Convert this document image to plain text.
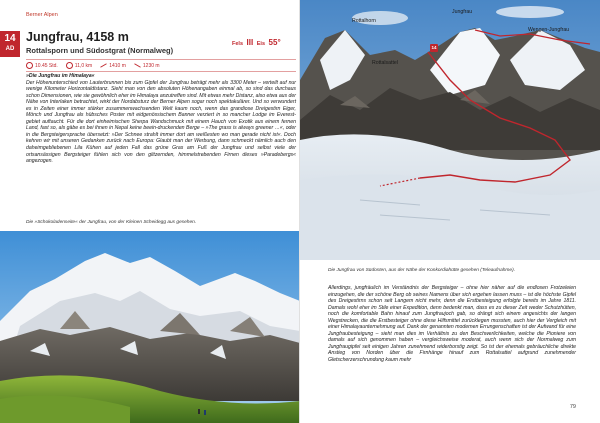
Berner Alpen
14
AD
Jungfrau, 4158 m
Rottalsporn und Südostgrat (Normalweg)
Fels III Eis 55°
10.45 Std.	11,0 km	1410 m	1230 m
»Die Jungfrau im Himalaya«
Der Höhenunterschied von Lauterbrunnen bis zum Gipfel der Jungfrau beträgt mehr als 3300 Meter – verteilt auf nur wenige Kilometer Horizontaldistanz. Sieht man von den absoluten Höhenangaben einmal ab, so sind das durchaus schon Dimensionen, wie sie gewöhnlich eher im Himalaya anzutreffen sind. Mit etwas mehr Distanz, also etwa aus der Nähe von Interlaken betrachtet, wirkt der Nordabsturz der Berner Alpen sogar noch spektakulärer. Und so verwundert es in Zeiten einer immer stärker zusammenwachsenden Welt kaum noch, wenn das grandiose Dreigestirn Eiger, Mönch und Jungfrau als hübsches Poster mit eidgenössischem Banner verziert in so mancher Lodge im Everest-gebiet auftaucht. Für die dort einheimischen Sherpa Wandschmuck mit einem Hauch von Exotik aus einem fernen Land, fast so, als gäbe es bei ihnen in Nepal keine beein-druckenden Berge – »The grass is always greener …«, oder in die Bergsteigersprache übersetzt: »Der Schnee strahlt immer dort am weißesten wo man gerade nicht ist«. Doch kehren wir mit unseren Gedanken zurück nach Europa: Glaubt man der Werbung, dann schmeckt nämlich auch den daheimgebliebenen Lila Kühen auf jeden Fall das grüne Gras am Fuß der Jungfrau und selbst viele der ortsansässigen Bergsteiger fühlen sich von den glitzernden, himmelstrebenden Firnen dieses »Paradebergs« angezogen.
Die »Schokoladenseite« der Jungfrau, von der Kleinen Scheidegg aus gesehen.
Rottalhorn
Jungfrau
Wengen-Jungfrau
Rottalsattel
14
Die Jungfrau von Südosten, aus der Nähe der Konkordiahütte gesehen (Teleaufnahme).
Allerdings, jungfräulich im Verständnis der Bergsteiger – ohne hier näher auf die endlosen Frotzeleien einzugehen, die der schöne Berg ob seines Namens über sich ergehen lassen muss – ist die höchste Gipfel des Dreigestirns schon seit Langem nicht mehr, denn die Erstbesteigung erfolgte bereits im Jahre 1811. Damals wohl eher im Stile einer Expedition, denn bedenkt man, dass es zu dieser Zeit weder Schutzhütten, noch die komfortable Bahn hinauf zum Jungfraujoch gab, so drängt sich einem angesichts der langen Wegstrecken, die die Erstbesteiger ohne diese Hilfsmittel zurücklegen mussten, auch hier der Vergleich mit einer Himalayaunternehmung auf. Dank der genannten modernen Errungenschaften ist der Aufwand für eine Jungfraubesteigung – sieht man dies im Verhältnis zu den Beschwerlichkeiten, welche die Pioniere von damals auf sich genommen haben – vergleichsweise moderat, auch wenn sich der Normalweg zum Jungfraugipfel seit einigen Jahren zunehmend widerborstig zeigt. So ist der ehemals gebräuchliche direkte Anstieg von Norden über die Firnhänge hinauf zum Rottalsattel aufgrund zunehmender Gletscherzerschrundung kaum mehr
79
